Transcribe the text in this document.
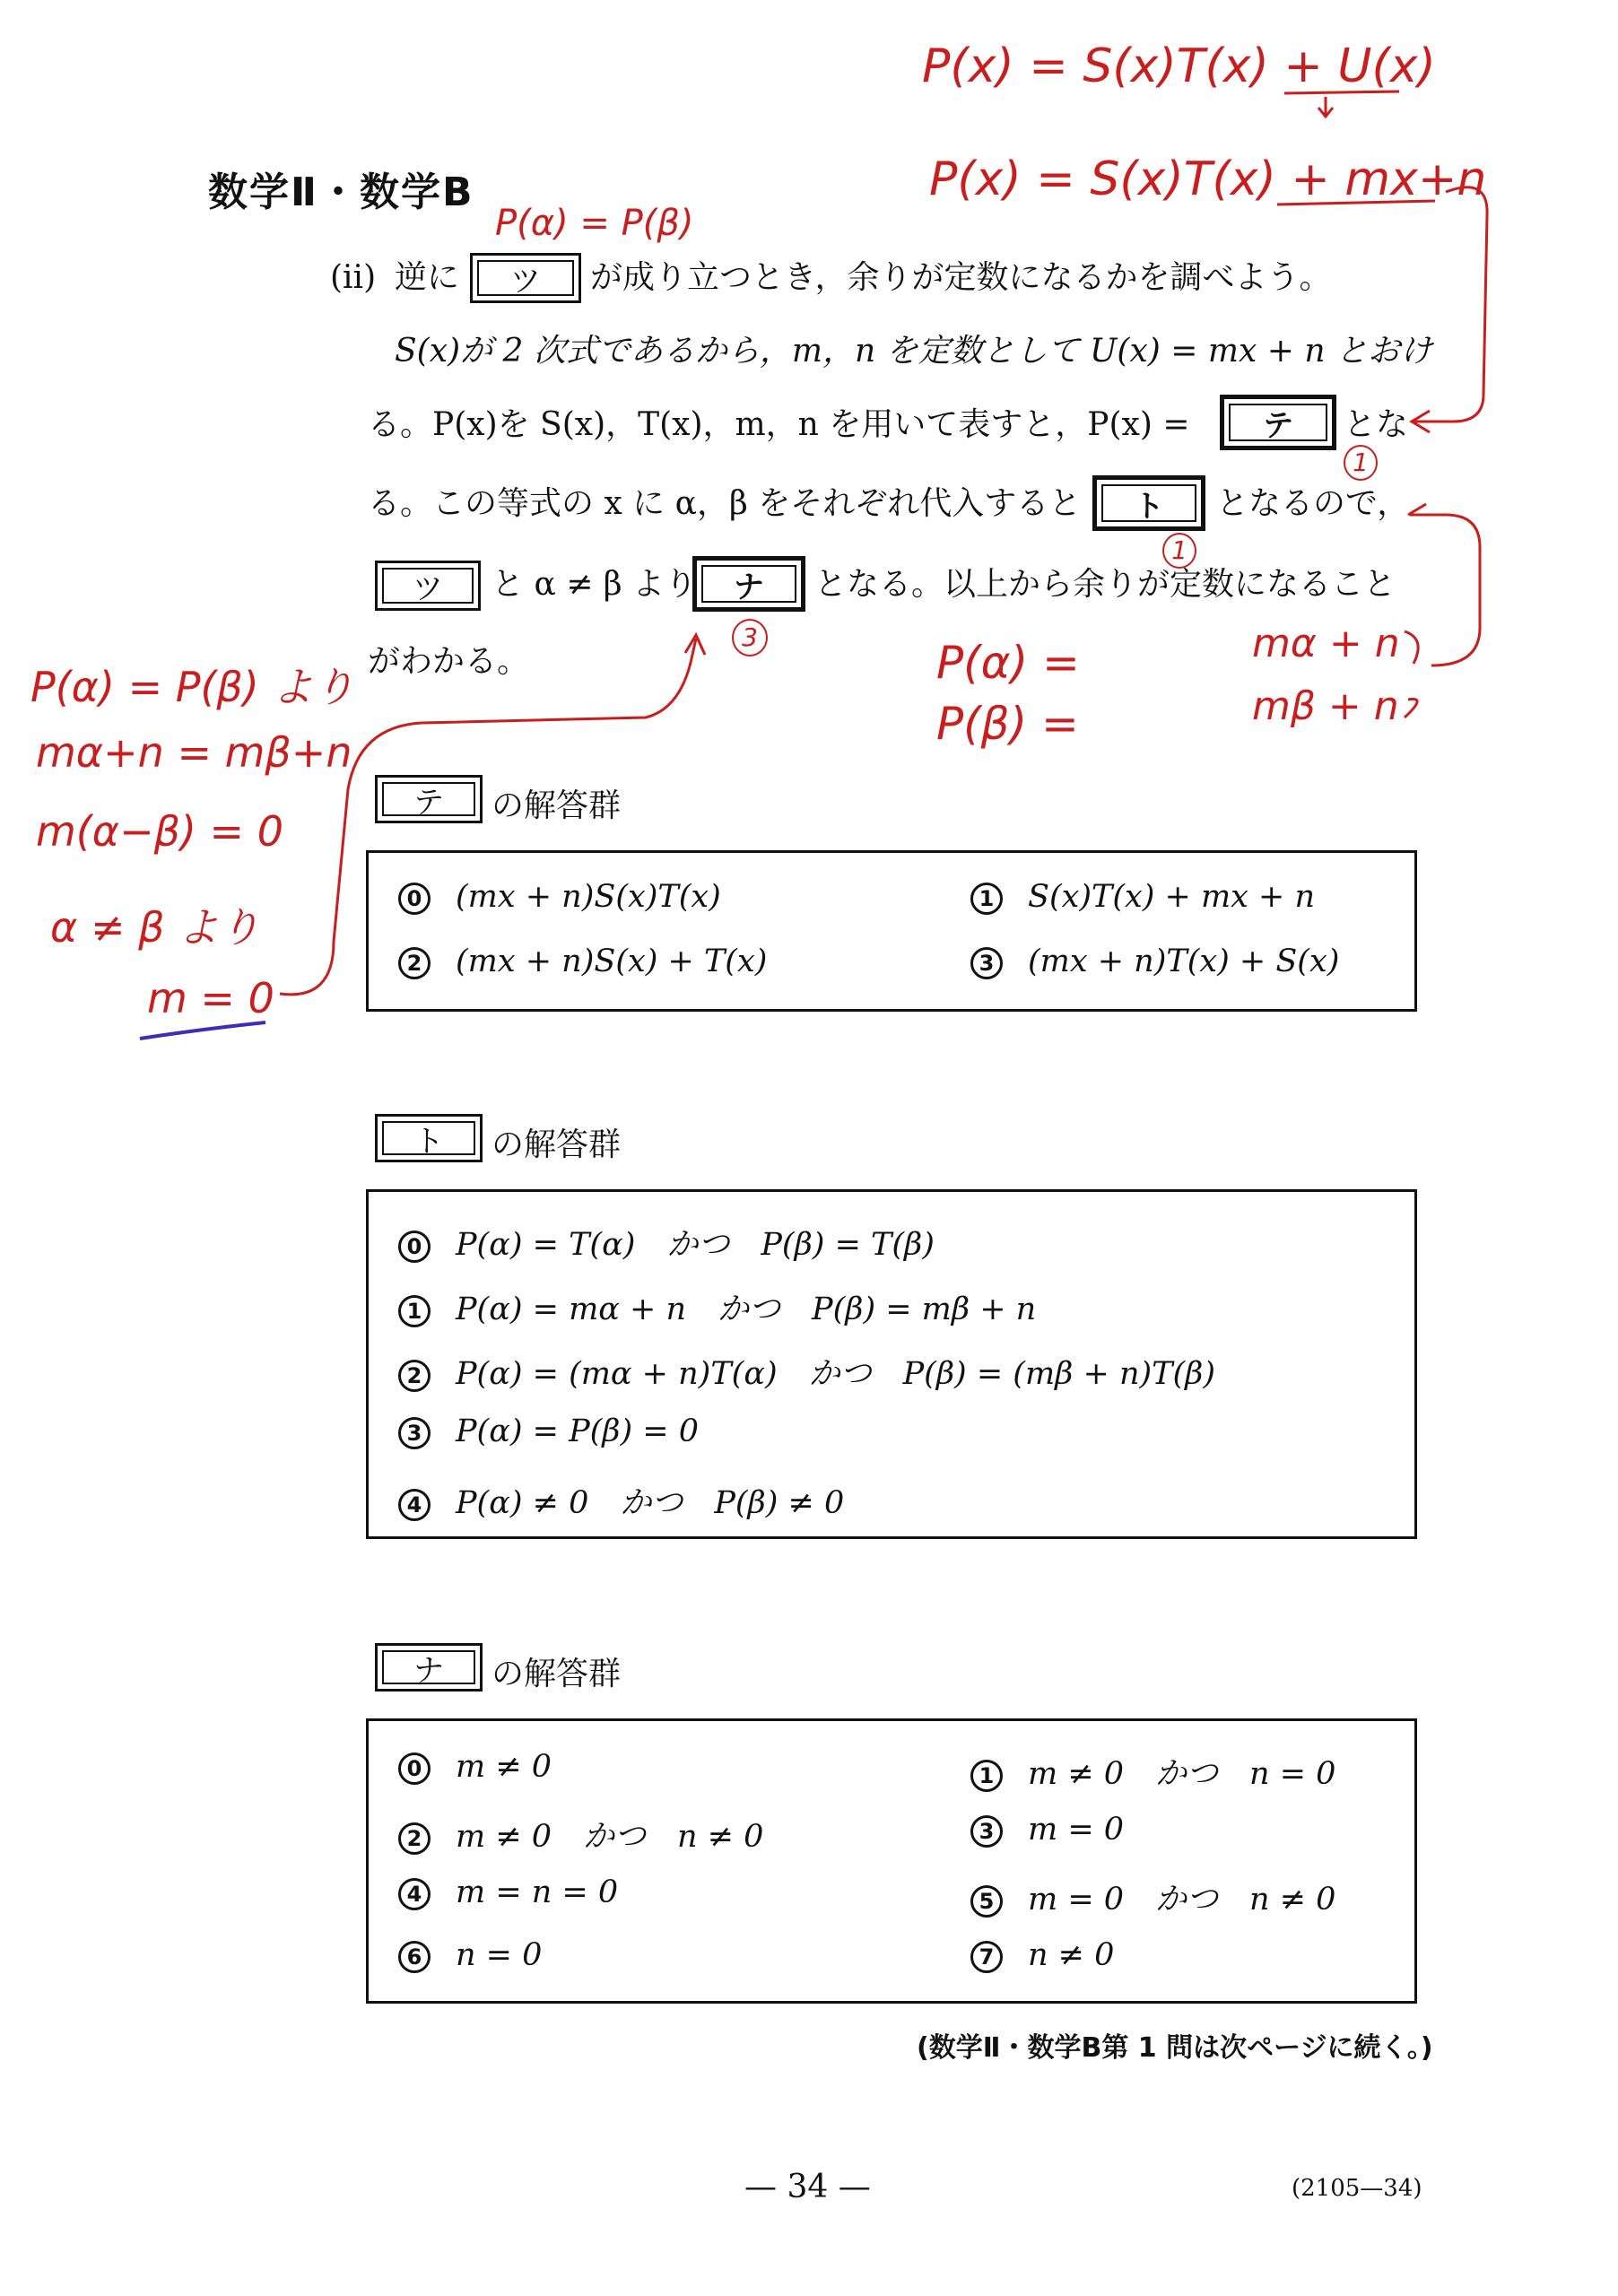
数学Ⅱ・数学B
(ii) 逆に ツ が成り立つとき，余りが定数になるかを調べよう。
S(x)が 2 次式であるから，m，n を定数として U(x) = mx + n とおけ
る。P(x)を S(x)，T(x)，m，n を用いて表すと，P(x) = テ とな
る。この等式の x に α，β をそれぞれ代入すると ト となるので，
ツ と α ≠ β より ナ となる。以上から余りが定数になること
がわかる。
テ の解答群
0 (mx + n)S(x)T(x)	1 S(x)T(x) + mx + n
2 (mx + n)S(x) + T(x)	3 (mx + n)T(x) + S(x)
ト の解答群
0 P(α) = T(α)　かつ　P(β) = T(β)
1 P(α) = mα + n　かつ　P(β) = mβ + n
2 P(α) = (mα + n)T(α)　かつ　P(β) = (mβ + n)T(β)
3 P(α) = P(β) = 0
4 P(α) ≠ 0　かつ　P(β) ≠ 0
ナ の解答群
0 m ≠ 0	1 m ≠ 0　かつ　n = 0
2 m ≠ 0　かつ　n ≠ 0	3 m = 0
4 m = n = 0	5 m = 0　かつ　n ≠ 0
6 n = 0	7 n ≠ 0
(数学Ⅱ・数学B第 1 問は次ページに続く。)
— 34 —	(2105—34)
P(x) = S(x)T(x) + U(x)
P(x) = S(x)T(x) + mx+n
P(α) = P(β)
1
1
3	P(α) =
P(β) =
mα + n
mβ + n
P(α) = P(β) より
mα+n = mβ+n
m(α−β) = 0
α ≠ β より
m = 0
